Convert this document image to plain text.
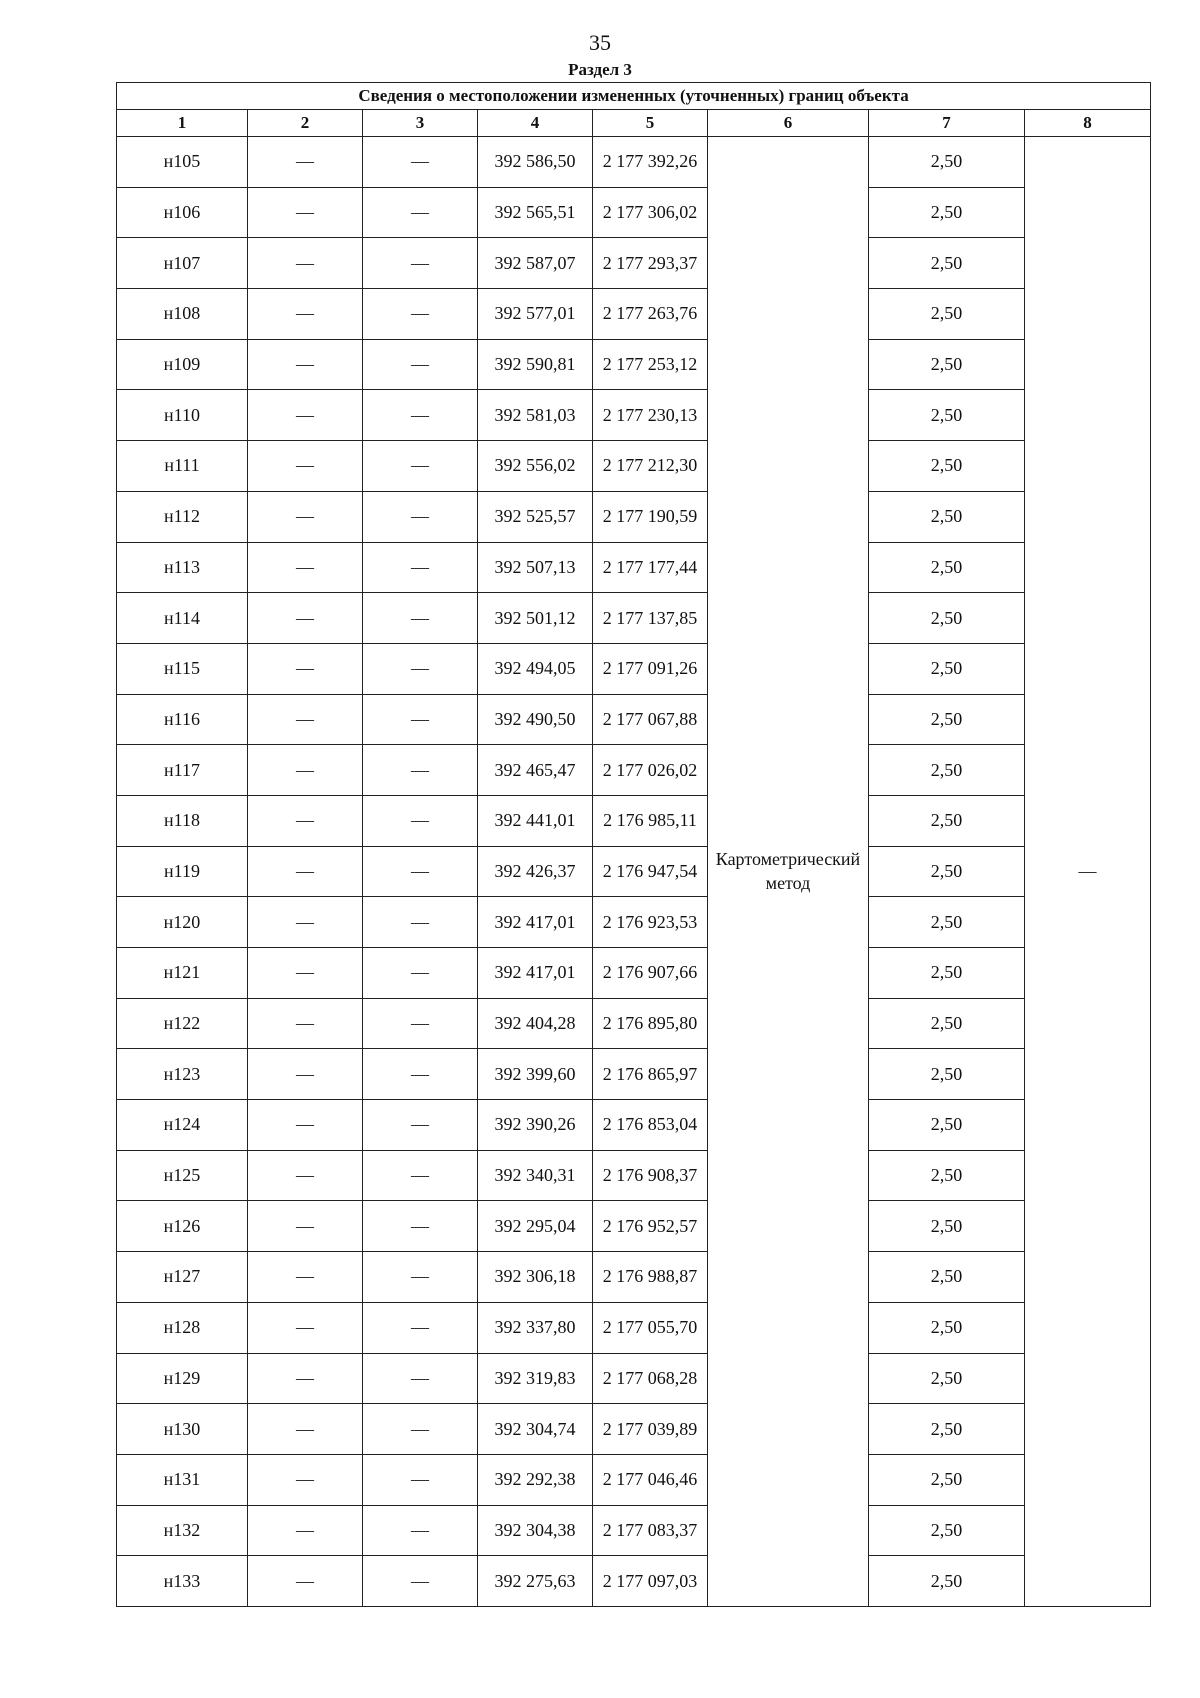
35
Раздел 3
Сведения о местоположении измененных (уточненных) границ объекта							
1	2	3	4	5	6	7	8
н105	—	—	392 586,50	2 177 392,26	Картометрический метод	2,50	—
н106	—	—	392 565,51	2 177 306,02		2,50	
н107	—	—	392 587,07	2 177 293,37		2,50	
н108	—	—	392 577,01	2 177 263,76		2,50	
н109	—	—	392 590,81	2 177 253,12		2,50	
н110	—	—	392 581,03	2 177 230,13		2,50	
н111	—	—	392 556,02	2 177 212,30		2,50	
н112	—	—	392 525,57	2 177 190,59		2,50	
н113	—	—	392 507,13	2 177 177,44		2,50	
н114	—	—	392 501,12	2 177 137,85		2,50	
н115	—	—	392 494,05	2 177 091,26		2,50	
н116	—	—	392 490,50	2 177 067,88		2,50	
н117	—	—	392 465,47	2 177 026,02		2,50	
н118	—	—	392 441,01	2 176 985,11		2,50	
н119	—	—	392 426,37	2 176 947,54		2,50	
н120	—	—	392 417,01	2 176 923,53		2,50	
н121	—	—	392 417,01	2 176 907,66		2,50	
н122	—	—	392 404,28	2 176 895,80		2,50	
н123	—	—	392 399,60	2 176 865,97		2,50	
н124	—	—	392 390,26	2 176 853,04		2,50	
н125	—	—	392 340,31	2 176 908,37		2,50	
н126	—	—	392 295,04	2 176 952,57		2,50	
н127	—	—	392 306,18	2 176 988,87		2,50	
н128	—	—	392 337,80	2 177 055,70		2,50	
н129	—	—	392 319,83	2 177 068,28		2,50	
н130	—	—	392 304,74	2 177 039,89		2,50	
н131	—	—	392 292,38	2 177 046,46		2,50	
н132	—	—	392 304,38	2 177 083,37		2,50	
н133	—	—	392 275,63	2 177 097,03		2,50	
